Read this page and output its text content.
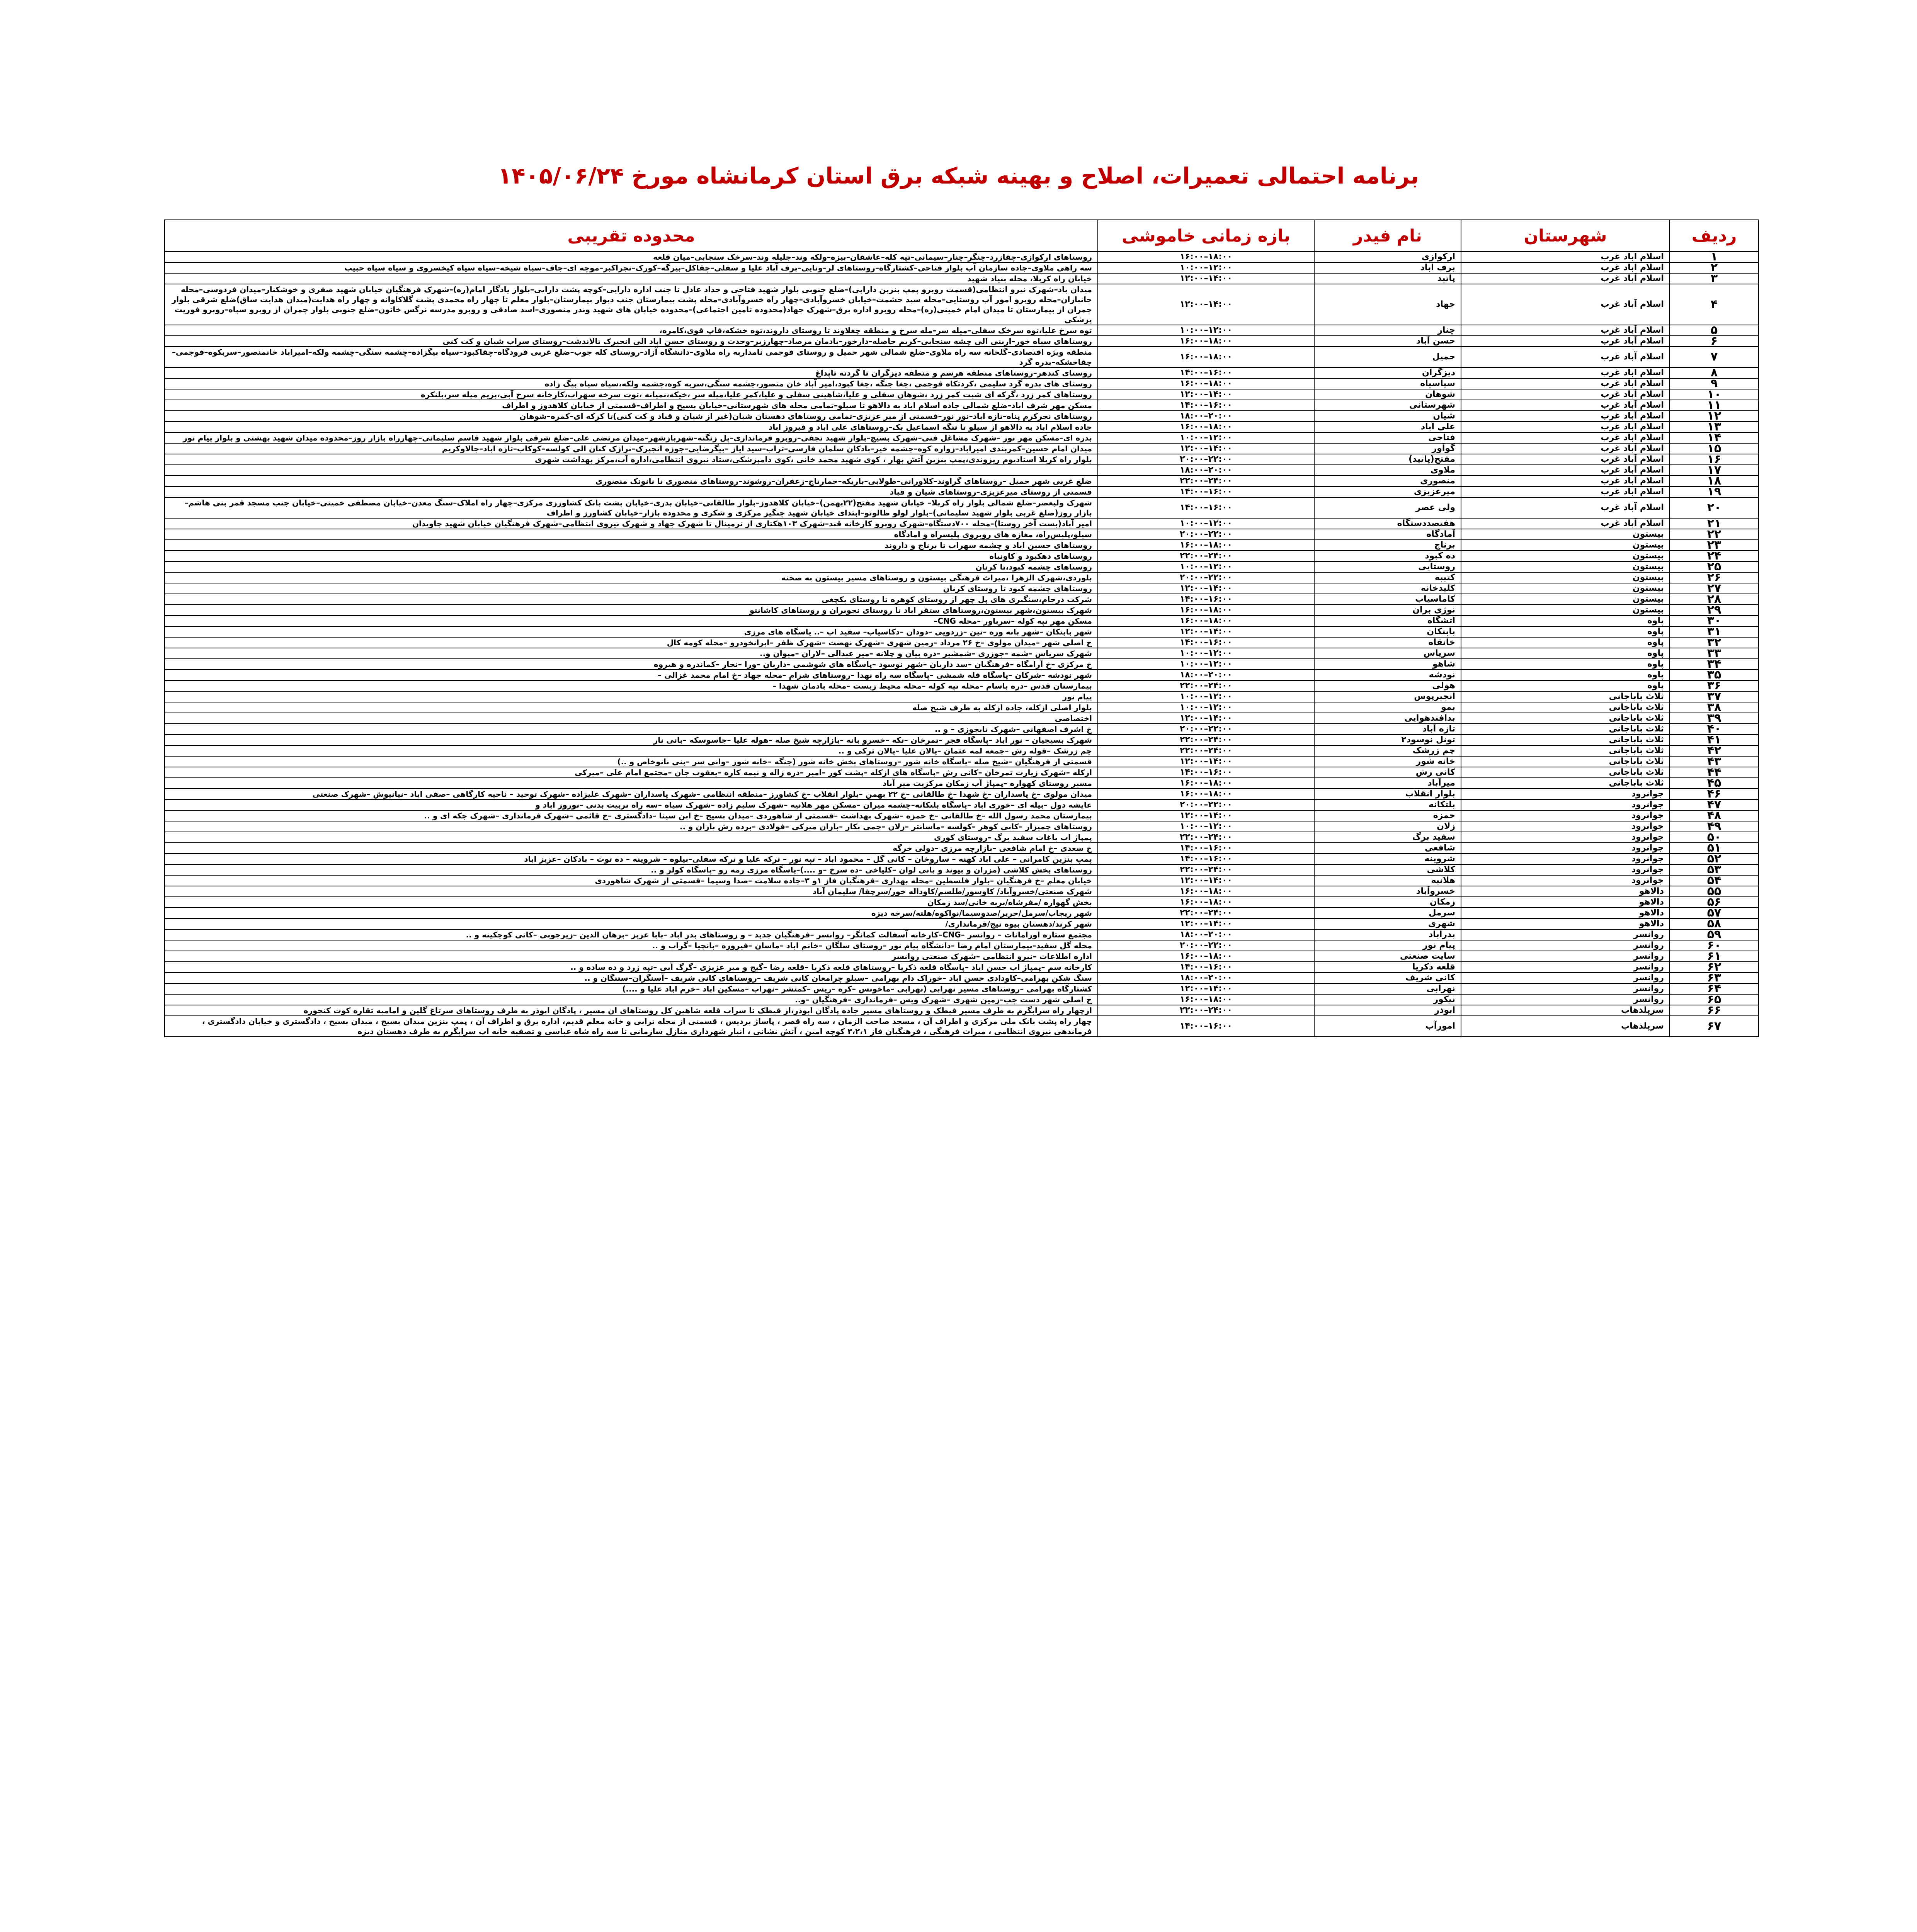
برنامه احتمالی تعمیرات، اصلاح و بهینه شبکه برق استان کرمانشاه مورخ ۱۴۰۵/۰۶/۲۴
ردیف	شهرستان	نام فیدر	بازه زمانی خاموشی	محدوده تقریبی
۱	اسلام آباد غرب	ارکوازی	۱۶:۰۰–۱۸:۰۰	روستاهای ارکوازی–چقازرد–چنگر–چنار–سیمانی–تپه کله–عاشقان–بیزه–ولکه وند–جلیله وند–سرخک سنجابی–میان قلعه
۲	اسلام آباد غرب	برف آباد	۱۰:۰۰–۱۲:۰۰	سه راهی ملاوی–جاده سازمان آب بلوار فتاحی–کشتارگاه–روستاهای لر–ونایی–برف آباد علیا و سفلی–چقاکل–بیرگه–کورک–نجراکبر–موچه ای–جاف–سیاه شیخه–سیاه سیاه کیخسروی و سیاه سیاه حبیب
۳	اسلام آباد غرب	پاتید	۱۲:۰۰–۱۴:۰۰	خیابان راه کربلا، محله بنیاد شهید
۴	اسلام آباد غرب	جهاد	۱۲:۰۰–۱۴:۰۰	میدان باد–شهرک نیرو انتظامی(قسمت روبرو پمپ بنزین دارابی)–ضلع جنوبی بلوار شهید فتاحی و حداد عادل تا جنب اداره دارایی–کوچه پشت دارایی–بلوار یادگار امام(ره)–شهرک فرهنگیان خیابان شهید صفری و خوشکنار–میدان فردوسی–محله جانبازان–محله روبرو امور آب روستایی–محله سید حشمت–خیابان خسروآبادی–چهار راه خسروآبادی–محله پشت بیمارستان جنب دیوار بیمارستان–بلوار معلم تا چهار راه محمدی پشت گلاکاوانه و چهار راه هدایت(میدان هدایت ساق)ضلع شرقی بلوار جمران از بیمارستان تا میدان امام خمینی(ره)–محله روبرو اداره برق–شهرک جهاد(محدوده تامین اجتماعی)–محدوده خیابان های شهید وندر منصوری–اسد صادقی و روبرو مدرسه نرگس خاتون–ضلع جنوبی بلوار چمران از روبرو سپاه–روبرو فوریت پزشکی
۵	اسلام آباد غرب	چنار	۱۰:۰۰–۱۲:۰۰	توه سرخ علیا،توه سرخک سفلی–میله سر–مله سرخ و منطقه چغلاوند تا روستای داروند،توه خشکه،قاپ قوی،کامره،
۶	اسلام آباد غرب	حسن آباد	۱۶:۰۰–۱۸:۰۰	روستاهای سیاه خور–اربنی الی چشه سنجابی–کریم حاصله–دارخور–بادمان مرصاد–چهارزبر–وحدت و روستای حسن اباد الی انجیرک تالاندشت–روستای سراب شیان و کت کنی
۷	اسلام آباد غرب	حمیل	۱۶:۰۰–۱۸:۰۰	منطقه ویژه اقتصادی–گلخانه سه راه ملاوی–ضلع شمالی شهر حمیل و روستای فوجمی نامداربه راه ملاوی–دانشگاه آزاد–روستای کله جوب–ضلع غربی فرودگاه–چقاکبود–سیاه بیگزاده–چشمه سنگی–چشمه ولکه–امیراباد خانمنصور–سربکوه–فوجمی–چقاخشکه–بدره گرد
۸	اسلام آباد غرب	دیزگران	۱۴:۰۰–۱۶:۰۰	روستای کندهر–روستاهای منطقه هرسم و منطقه دیزگران تا گردنه تاپداغ
۹	اسلام آباد غرب	سیاسیاه	۱۶:۰۰–۱۸:۰۰	روستای های بدره گرد سلیمی ،کردتکاه فوجمی ،چغا جنگه ،چغا کبود،امیر آباد خان منصور،چشمه سنگی،سربه کوه،چشمه ولکه،سیاه سیاه بیگ زاده
۱۰	اسلام آباد غرب	شوهان	۱۲:۰۰–۱۴:۰۰	روستاهای کمر زرد ،گرکه ای شیت کمر زرد ،شوهان سفلی و علیا،شاهینی سفلی و علیا،کمر علیا،میله سر ،خیکه،نمیانه ،توت سرخه سهراب،کارخانه سرخ آبی،بریم میله سر،بلنکره
۱۱	اسلام آباد غرب	شهرستانی	۱۴:۰۰–۱۶:۰۰	مسکن مهر شرف اباد–ضلع شمالی جاده اسلام اباد به دالاهو تا سیلو–تمامی محله های شهرستانی–خیابان بسیج و اطراف–قسمتی از خیابان کلاهدوز و اطراف
۱۲	اسلام آباد غرب	شیان	۱۸:۰۰–۲۰:۰۰	روستاهای نجرکرم پناه–تازه اباد–نور نور–قسمتی از میر عزیزی–تمامی روستاهای دهستان شیان(غیر از شیان و قباد و کت کنی)تا کرکه ای–کمره–شوهان
۱۳	اسلام آباد غرب	علی آباد	۱۶:۰۰–۱۸:۰۰	جاده اسلام اباد به دالاهو از سیلو تا تنگه اسماعیل بک–روستاهای علی اباد و فیروز اباد
۱۴	اسلام آباد غرب	فتاحی	۱۰:۰۰–۱۲:۰۰	بدره ای–مسکن مهر نور –شهرک مشاغل فنی–شهرک بسیج–بلوار شهید نجفی–روبرو فرمانداری–پل زنگنه–شهربازشهر–میدان مرتضی علی–ضلع شرقی بلوار شهید قاسم سلیمانی–چهارراه بازار روز–محدوده میدان شهید بهشتی و بلوار پیام نور
۱۵	اسلام آباد غرب	گوآور	۱۲:۰۰–۱۴:۰۰	میدان امام حسین–کمربندی امیراباد–زواره کوه–چشمه خیر–بادکان سلمان فارسی–تراب–سید ایاز –بیگرضایی–جوزه انجیرک–نراژک کنان الی کولسه–کوکاب–تازه اباد–چالاوکریم
۱۶	اسلام آباد غرب	مفتح(پاتید)	۲۰:۰۰–۲۲:۰۰	بلوار راه کربلا استادیوم ریزوندی،پمپ بنزین آتش بهار ، کوی شهید محمد خانی ،کوی دامپزشکی،ستاد نیروی انتظامی،اداره آب،مرکز بهداشت شهری
۱۷	اسلام آباد غرب	ملاوی	۱۸:۰۰–۲۰:۰۰	
۱۸	اسلام آباد غرب	منصوری	۲۲:۰۰–۲۴:۰۰	ضلع غربی شهر حمیل –روستاهای گراوند–کلاورانی–طولابی–باریکه–خمارتاج–زعفران–روشوند–روستاهای منصوری تا نانونک منصوری
۱۹	اسلام آباد غرب	میرعزیزی	۱۴:۰۰–۱۶:۰۰	قسمتی از روستای میرعزیزی–روستاهای شیان و قباد
۲۰	اسلام آباد غرب	ولی عصر	۱۴:۰۰–۱۶:۰۰	شهرک ولیعصر–ضلع شمالی بلوار راه کربلا– خیابان شهید مفتح(۲۲بهمن)–خیابان کلاهدوز–بلوار طالقانی–خیابان بدری–خیابان پشت بانک کشاورزی مرکزی–چهار راه املاک–سنگ معدن–خیابان مصطفی خمینی–خیابان جنب مسجد قمر بنی هاشم–بازار روز(ضلع غربی بلوار شهید سلیمانی)–بلوار لولو طالونو–ابتدای خیابان شهید چنگیز مرکزی و شکری و محدوده بازار–خیابان کشاورز و اطراف
۲۱	اسلام آباد غرب	هفتصددستگاه	۱۰:۰۰–۱۲:۰۰	امیر آباد(بست آخر روستا)–محله ۷۰۰دستگاه–شهرک روبرو کارخانه قند–شهرک ۱۰۳هکتاری از ترمینال تا شهرک جهاد و شهرک نیروی انتظامی–شهرک فرهنگیان خیابان شهید جاویدان
۲۲	بیستون	آمادگاه	۲۰:۰۰–۲۲:۰۰	سیلو،پلیس‌راه، مغازه های روبروی پلیسراه و امادگاه
۲۳	بیستون	برناج	۱۶:۰۰–۱۸:۰۰	روستاهای حسین اباد و چشمه سهراب تا برناج و داروند
۲۴	بیستون	ده کبود	۲۲:۰۰–۲۴:۰۰	روستاهای دهکبود و کاونیاه
۲۵	بیستون	روستایی	۱۰:۰۰–۱۲:۰۰	روستاهای چشمه کبود،تا کرنان
۲۶	بیستون	کتیبه	۲۰:۰۰–۲۲:۰۰	بلوردی،شهرک الزهرا ،میراث فرهنگی بیستون و روستاهای مسیر بیستون به صحنه
۲۷	بیستون	کلیدخانه	۱۲:۰۰–۱۴:۰۰	روستاهای چشمه کبود تا روستای کرنان
۲۸	بیستون	کاماسیاب	۱۴:۰۰–۱۶:۰۰	شرکت درجام،سنگبری های پل چهر از روستای کوهره تا روستای بکچغی
۲۹	بیستون	نوژی بران	۱۶:۰۰–۱۸:۰۰	شهرک بیستون،شهر بیستون،روستاهای ستقر اباد تا روستای نجوبران و روستاهای کاشانتو
۳۰	پاوه	آتشگاه	۱۶:۰۰–۱۸:۰۰	مسکن مهر تپه کوله –سرباور –محله CNG–
۳۱	پاوه	بابنکان	۱۲:۰۰–۱۴:۰۰	شهر بابنکان –شهر بانه وره –نین –زردویی –دودان –دکاسیاب– سفید اب –.. پاسگاه های مرزی
۳۲	پاوه	خانقاه	۱۴:۰۰–۱۶:۰۰	خ اصلی شهر –میدان مولوی –خ ۲۶ مرداد –زمین شهری –شهرک نهضت –شهرک ظفر –ایرانخودرو –محله کومه کال
۳۳	پاوه	سریاس	۱۰:۰۰–۱۲:۰۰	شهرک سریاس –شمه –جوزری –شمشیر –دره بیان و چلانه –میر عبدالی –لاران –میوان و..
۳۴	پاوه	شاهو	۱۰:۰۰–۱۲:۰۰	خ مرکزی –خ آرامگاه –فرهنگیان –سد داریان –شهر نوسود –پاسگاه های شوشمی –داریان –ورا –نجار –کماندره و هیروه
۳۵	پاوه	نودشه	۱۸:۰۰–۲۰:۰۰	شهر نودشه –شرکان –پاسگاه قله شمشی –پاسگاه سه راه نهدا –روستاهای شرام –محله جهاد –خ امام محمد غزالی –
۳۶	پاوه	هولی	۲۲:۰۰–۲۴:۰۰	بیمارستان قدس –دره باسام –محله تپه کوله –محله محیط زیست –محله بادمان شهدا –
۳۷	ثلاث باباجانی	انجیرپوس	۱۰:۰۰–۱۲:۰۰	پیام نور
۳۸	ثلاث باباجانی	بمو	۱۰:۰۰–۱۲:۰۰	بلوار اصلی ازکله، جاده ازکله به طرف شیخ صله
۳۹	ثلاث باباجانی	بدافندهوایی	۱۲:۰۰–۱۴:۰۰	اختصاصی
۴۰	ثلاث باباجانی	تازه آباد	۲۰:۰۰–۲۲:۰۰	خ اشرف اصفهانی –شهرک تابجوزی – و ..
۴۱	ثلاث باباجانی	تونل نوسود۲	۲۲:۰۰–۲۴:۰۰	شهرک بسیجیان – نور اباد –پاسگاه فجر –تمرخان –تکه –خسرو بانه –بازارچه شیخ صله –هوله علیا –جاسوسکه –بانی نار
۴۲	ثلاث باباجانی	چم زرشک	۲۲:۰۰–۲۴:۰۰	چم زرشک –قوله رش –جمعه لمه عثمان –پالان علیا –پالان ترکی و ..
۴۳	ثلاث باباجانی	خانه شور	۱۲:۰۰–۱۴:۰۰	قسمتی از فرهنگیان –شیخ صله –پاسگاه خانه شور –روستاهای بخش خانه شور (جنگه –خانه شور –وانی سر –بنی نانوخاص و ..)
۴۴	ثلاث باباجانی	کانی رش	۱۴:۰۰–۱۶:۰۰	ازکله –شهرک زیارت تمرخان –کانی رش –پاسگاه های ازکله –پشت کور –امیر –دره زاله و نیمه کاره –یعقوب جان –مجتمع امام علی –میرکی
۴۵	ثلاث باباجانی	میرآباد	۱۶:۰۰–۱۸:۰۰	مسیر روستای کهواره –پمپاژ آب زمکان مرکزیت میر آباد
۴۶	جوانرود	بلوار انقلاب	۱۶:۰۰–۱۸:۰۰	میدان مولوی –خ پاسداران –خ شهدا –خ طالقانی –خ ۲۲ بهمن –بلوار انقلاب –خ کشاورز –منطقه انتظامی –شهرک پاسداران –شهرک علیزاده –شهرک توحید – ناحیه کارگاهی –صفی اباد –نیانیوش –شهرک صنعتی
۴۷	جوانرود	بلتکانه	۲۰:۰۰–۲۲:۰۰	عایشه دول –بیله ای –خوری اباد –پاسگاه بلتکانه–چشمه میران –مسکن مهر هلانیه –شهرک سلیم زاده –شهرک سیاه –سه راه تربیت بدنی –نوروز اباد و
۴۸	جوانرود	حمزه	۱۲:۰۰–۱۴:۰۰	بیمارستان محمد رسول الله –خ طالقانی –خ حمزه –شهرک بهداشت –قسمتی از شاهوردی –میدان بسیج –خ ابن سینا –دادگستری –خ قائمی –شهرک فرمانداری –شهرک جکه ای و ..
۴۹	جوانرود	زلان	۱۰:۰۰–۱۲:۰۰	روستاهای چمیزار –کانی کوهر –کولسه –ماسانتر –زلان –چمی بکار –بازان میرکی –فولادی –برده رش بازان و ..
۵۰	جوانرود	سفید برگ	۲۲:۰۰–۲۴:۰۰	پمپاژ اب باغات سفید برگ –روستای کوری
۵۱	جوانرود	شافعی	۱۴:۰۰–۱۶:۰۰	خ سعدی –خ امام شافعی –بازارچه مرزی –دولی خرگه
۵۲	جوانرود	شروینه	۱۴:۰۰–۱۶:۰۰	پمپ بنزین کامرانی – علی اباد کهنه – ساروخان – کانی گل – محمود اباد – تپه نور – ترکه علیا و ترکه سفلی–بیلوه – شروینه – ده توت – بادکان –عزیز اباد
۵۳	جوانرود	کلاشی	۲۲:۰۰–۲۴:۰۰	روستاهای بخش کلاشی (مزران و بیوند و بانی لوان –کلیاخی –ده سرخ –و ....)–پاسگاه مرزی رمه رو –پاسگاه کولر و ..
۵۴	جوانرود	هلانیه	۱۲:۰۰–۱۴:۰۰	خیابان معلم –خ فرهنگیان –بلوار فلسطین –محله بهداری –فرهنگیان فاز ۱و ۳–جاده سلامت –صدا وسیما –قسمتی از شهرک شاهوردی
۵۵	دالاهو	خسروآباد	۱۶:۰۰–۱۸:۰۰	شهرک صنعتی/خسروآباد/ کاوسور/طلسم/کاوداله خور/سرچقا/ سلیمان آباد
۵۶	دالاهو	زمکان	۱۶:۰۰–۱۸:۰۰	بخش گهواره /مفرشاه/بریه خانی/سد زمکان
۵۷	دالاهو	سرمل	۲۲:۰۰–۲۴:۰۰	شهر ریجاب/سرمل/حریر/صدوسیما/نواکوه/هلته/سرخه دیزه
۵۸	دالاهو	شهری	۱۲:۰۰–۱۴:۰۰	شهر کرند/دهستان بیوه نیج/فرمانداری/
۵۹	روانسر	بدرآباد	۱۸:۰۰–۲۰:۰۰	مجتمع ستاره اورامانات – روانسر –CNG–کارخانه آسفالت کمانگر– روانسر –فرهنگیان جدید – و روستاهای بدر اباد –بابا عزیز –برهان الدین –زیرجوبی –کانی کوچکینه و ..
۶۰	روانسر	پیام نور	۲۰:۰۰–۲۲:۰۰	محله گل سفید–بیمارستان امام رضا –دانشگاه پیام نور –روستای سلگان –خانم اباد –ماسان –فیروزه –بانچیا –گراب و ..
۶۱	روانسر	سایت صنعتی	۱۶:۰۰–۱۸:۰۰	اداره اطلاعات –نیرو انتظامی –شهرک صنعتی روانسر
۶۲	روانسر	قلعه ذکریا	۱۴:۰۰–۱۶:۰۰	کارخانه سم –پمپاژ اب حسن اباد –پاسگاه قلعه ذکریا –روستاهای قلعه ذکریا –قلعه رضا –گیج و میر عزیزی –گرگ آبی –تپه زرد و ده ساده و ..
۶۳	روانسر	کانی شریف	۱۸:۰۰–۲۰:۰۰	سنگ شکن بهرامی–کاودادی حسن اباد –خوراک دام بهرامی –سیلو چرامعان کانی شریف –روستاهای کانی شریف –آسنگران–ستنگان و ..
۶۴	روانسر	نهرابی	۱۲:۰۰–۱۴:۰۰	کشتارگاه بهرامی –روستاهای مسیر نهرابی (نهرابی –ماخونس –کره –ریس –کمنشر –نهراب –مسکین اباد –خرم اباد علیا و ....)
۶۵	روانسر	نیکور	۱۶:۰۰–۱۸:۰۰	خ اصلی شهر دست چپ–زمین شهری –شهرک ویس –فرمانداری –فرهنگیان –و..
۶۶	سرپلذهاب	ابوذر	۲۲:۰۰–۲۴:۰۰	ازچهار راه سرابگرم به طرف مسیر قیطک و روستاهای مسیر جاده پادگان ابوذر،از قیطک تا سراب قلعه شاهین کل روستاهای ان مسیر ، پادگان ابوذر به طرف روستاهای سرتاغ گلین و امامیه تقاره کوت کنجوره
۶۷	سرپلذهاب	امورآب	۱۴:۰۰–۱۶:۰۰	چهار راه پشت بانک ملی مرکزی و اطراف آن ، مسجد صاحب الزمان ، سه راه قصر ، پاساژ بردیس ، قسمتی از محله ترابی و خانه معلم قدیم، اداره برق و اطراف آن ، پمپ بنزین میدان بسیج ، میدان بسیج ، دادگستری و خیابان دادگستری ، فرماندهی نیروی انتظامی ، میراث فرهنگی ، فرهنگیان فاز ۳،۲،۱ کوچه امین ، آتش نشانی ، انبار شهرداری منازل سازمانی تا سه راه شاه عباسی و تصفیه خانه اب سرابگرم به طرف دهستان دیزه
